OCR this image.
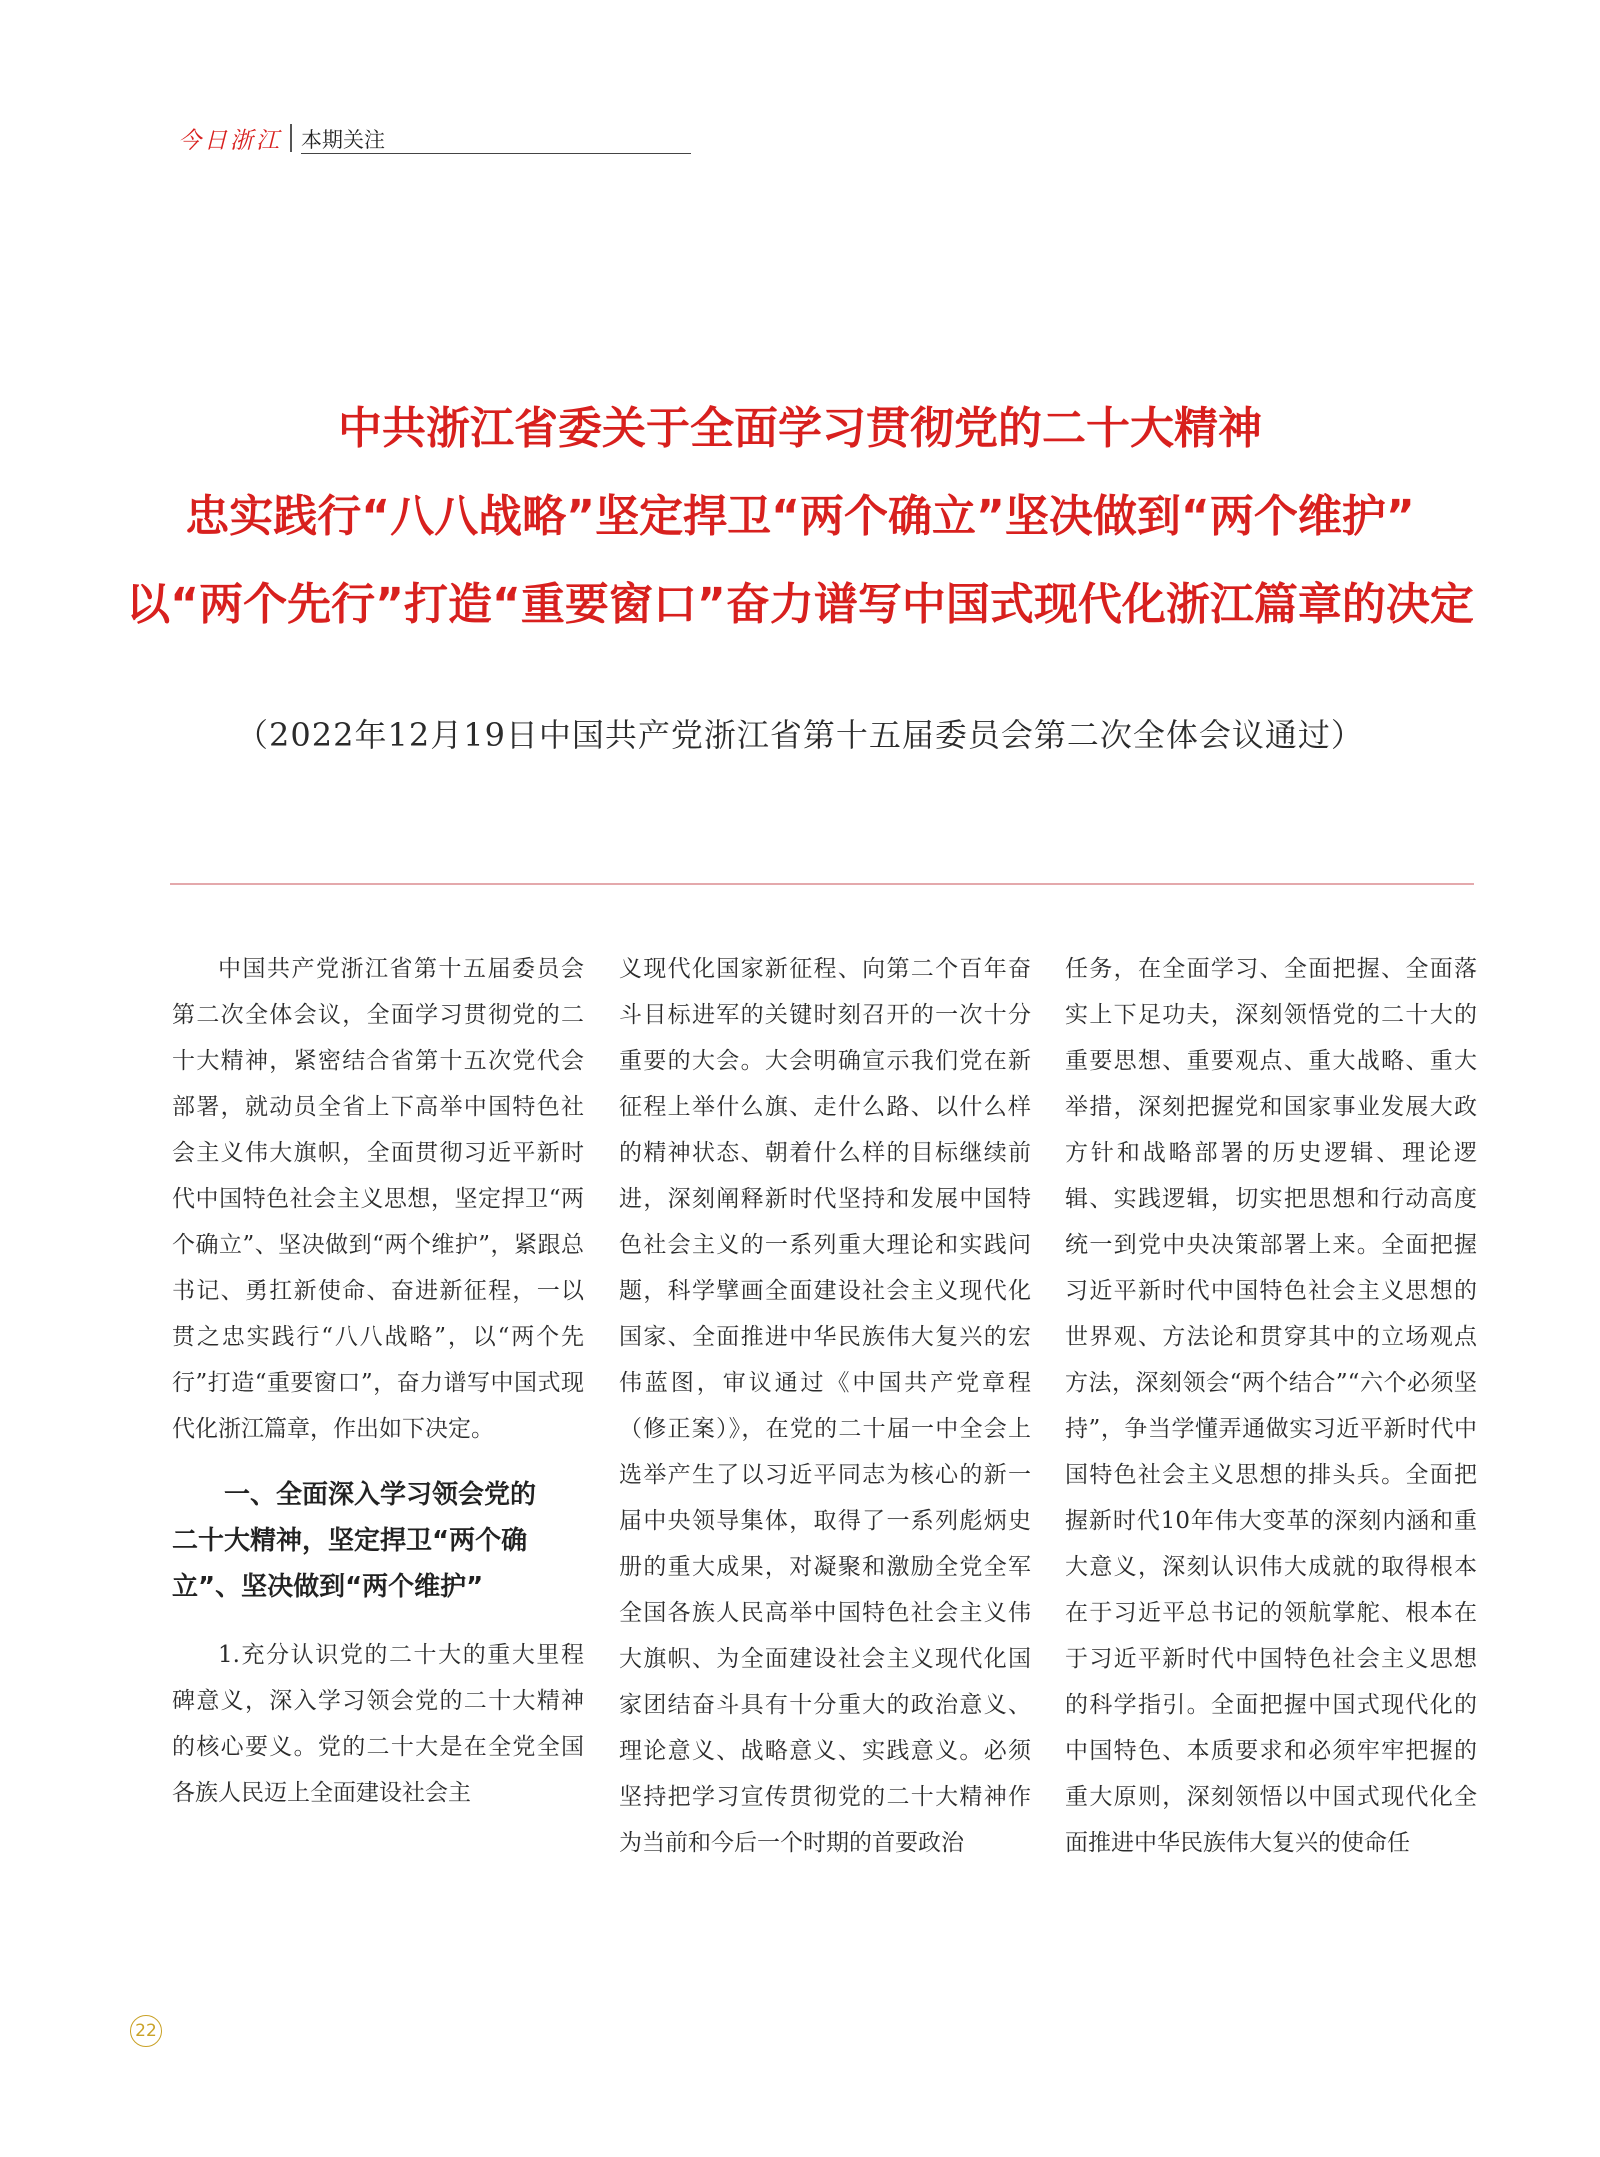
今日浙江 本期关注
中共浙江省委关于全面学习贯彻党的二十大精神
忠实践行“八八战略”坚定捍卫“两个确立”坚决做到“两个维护”
以“两个先行”打造“重要窗口”奋力谱写中国式现代化浙江篇章的决定
（2022年12月19日中国共产党浙江省第十五届委员会第二次全体会议通过）

中国共产党浙江省第十五届委员会第二次全体会议，全面学习贯彻党的二十大精神，紧密结合省第十五次党代会部署，就动员全省上下高举中国特色社会主义伟大旗帜，全面贯彻习近平新时代中国特色社会主义思想，坚定捍卫“两个确立”、坚决做到“两个维护”，紧跟总书记、勇扛新使命、奋进新征程，一以贯之忠实践行“八八战略”，以“两个先行”打造“重要窗口”，奋力谱写中国式现代化浙江篇章，作出如下决定。

一、全面深入学习领会党的
二十大精神，坚定捍卫“两个确
立”、坚决做到“两个维护”

1.充分认识党的二十大的重大里程碑意义，深入学习领会党的二十大精神的核心要义。党的二十大是在全党全国各族人民迈上全面建设社会主

义现代化国家新征程、向第二个百年奋斗目标进军的关键时刻召开的一次十分重要的大会。大会明确宣示我们党在新征程上举什么旗、走什么路、以什么样的精神状态、朝着什么样的目标继续前进，深刻阐释新时代坚持和发展中国特色社会主义的一系列重大理论和实践问题，科学擘画全面建设社会主义现代化国家、全面推进中华民族伟大复兴的宏伟蓝图，审议通过《中国共产党章程（修正案）》，在党的二十届一中全会上选举产生了以习近平同志为核心的新一届中央领导集体，取得了一系列彪炳史册的重大成果，对凝聚和激励全党全军全国各族人民高举中国特色社会主义伟大旗帜、为全面建设社会主义现代化国家团结奋斗具有十分重大的政治意义、理论意义、战略意义、实践意义。必须坚持把学习宣传贯彻党的二十大精神作为当前和今后一个时期的首要政治

任务，在全面学习、全面把握、全面落实上下足功夫，深刻领悟党的二十大的重要思想、重要观点、重大战略、重大举措，深刻把握党和国家事业发展大政方针和战略部署的历史逻辑、理论逻辑、实践逻辑，切实把思想和行动高度统一到党中央决策部署上来。全面把握习近平新时代中国特色社会主义思想的世界观、方法论和贯穿其中的立场观点方法，深刻领会“两个结合”“六个必须坚持”，争当学懂弄通做实习近平新时代中国特色社会主义思想的排头兵。全面把握新时代10年伟大变革的深刻内涵和重大意义，深刻认识伟大成就的取得根本在于习近平总书记的领航掌舵、根本在于习近平新时代中国特色社会主义思想的科学指引。全面把握中国式现代化的中国特色、本质要求和必须牢牢把握的重大原则，深刻领悟以中国式现代化全面推进中华民族伟大复兴的使命任

22
